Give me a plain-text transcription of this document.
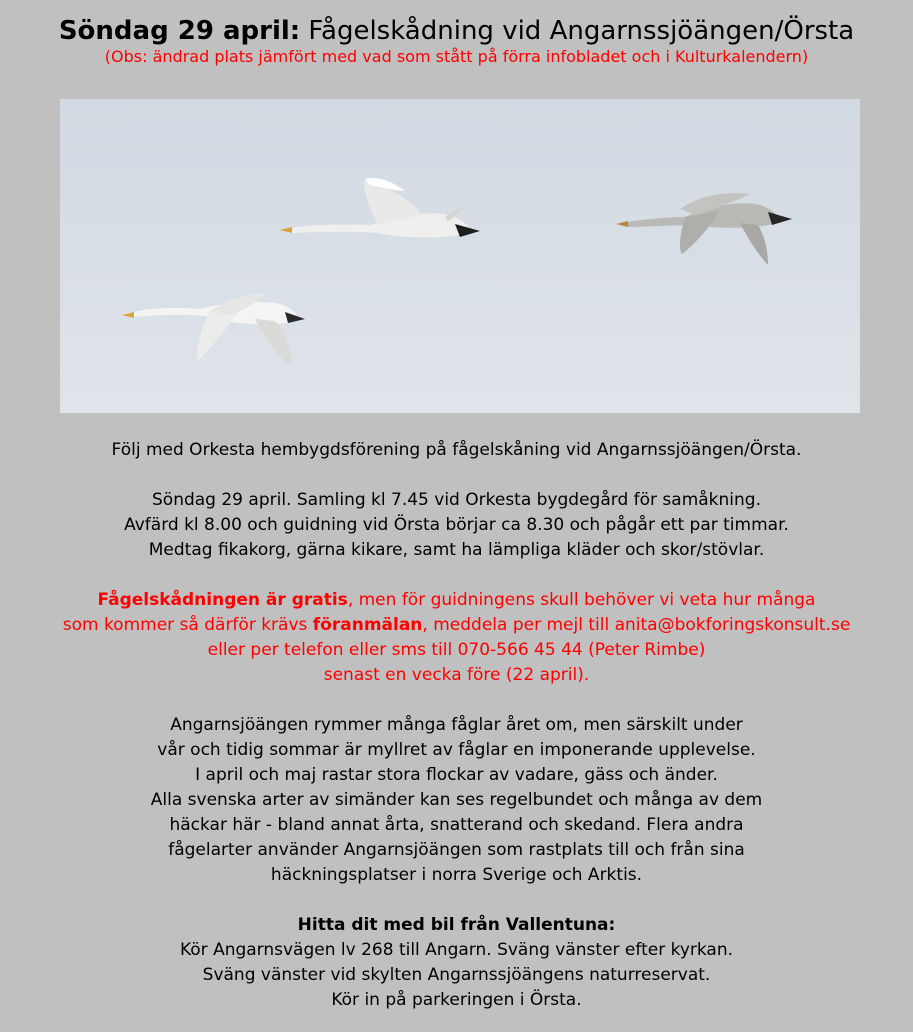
Söndag 29 april: Fågelskådning vid Angarnssjöängen/Örsta

(Obs: ändrad plats jämfört med vad som stått på förra infobladet och i Kulturkalendern)

Följ med Orkesta hembygdsförening på fågelskåning vid Angarnssjöängen/Örsta.

Söndag 29 april. Samling kl 7.45 vid Orkesta bygdegård för samåkning.
Avfärd kl 8.00 och guidning vid Örsta börjar ca 8.30 och pågår ett par timmar.
Medtag fikakorg, gärna kikare, samt ha lämpliga kläder och skor/stövlar.

Fågelskådningen är gratis, men för guidningens skull behöver vi veta hur många
som kommer så därför krävs föranmälan, meddela per mejl till anita@bokforingskonsult.se
eller per telefon eller sms till 070-566 45 44 (Peter Rimbe)
senast en vecka före (22 april).

Angarnsjöängen rymmer många fåglar året om, men särskilt under
vår och tidig sommar är myllret av fåglar en imponerande upplevelse.
I april och maj rastar stora flockar av vadare, gäss och änder.
Alla svenska arter av simänder kan ses regelbundet och många av dem
häckar här - bland annat årta, snatterand och skedand. Flera andra
fågelarter använder Angarnsjöängen som rastplats till och från sina
häckningsplatser i norra Sverige och Arktis.

Hitta dit med bil från Vallentuna:
Kör Angarnsvägen lv 268 till Angarn. Sväng vänster efter kyrkan.
Sväng vänster vid skylten Angarnssjöängens naturreservat.
Kör in på parkeringen i Örsta.
